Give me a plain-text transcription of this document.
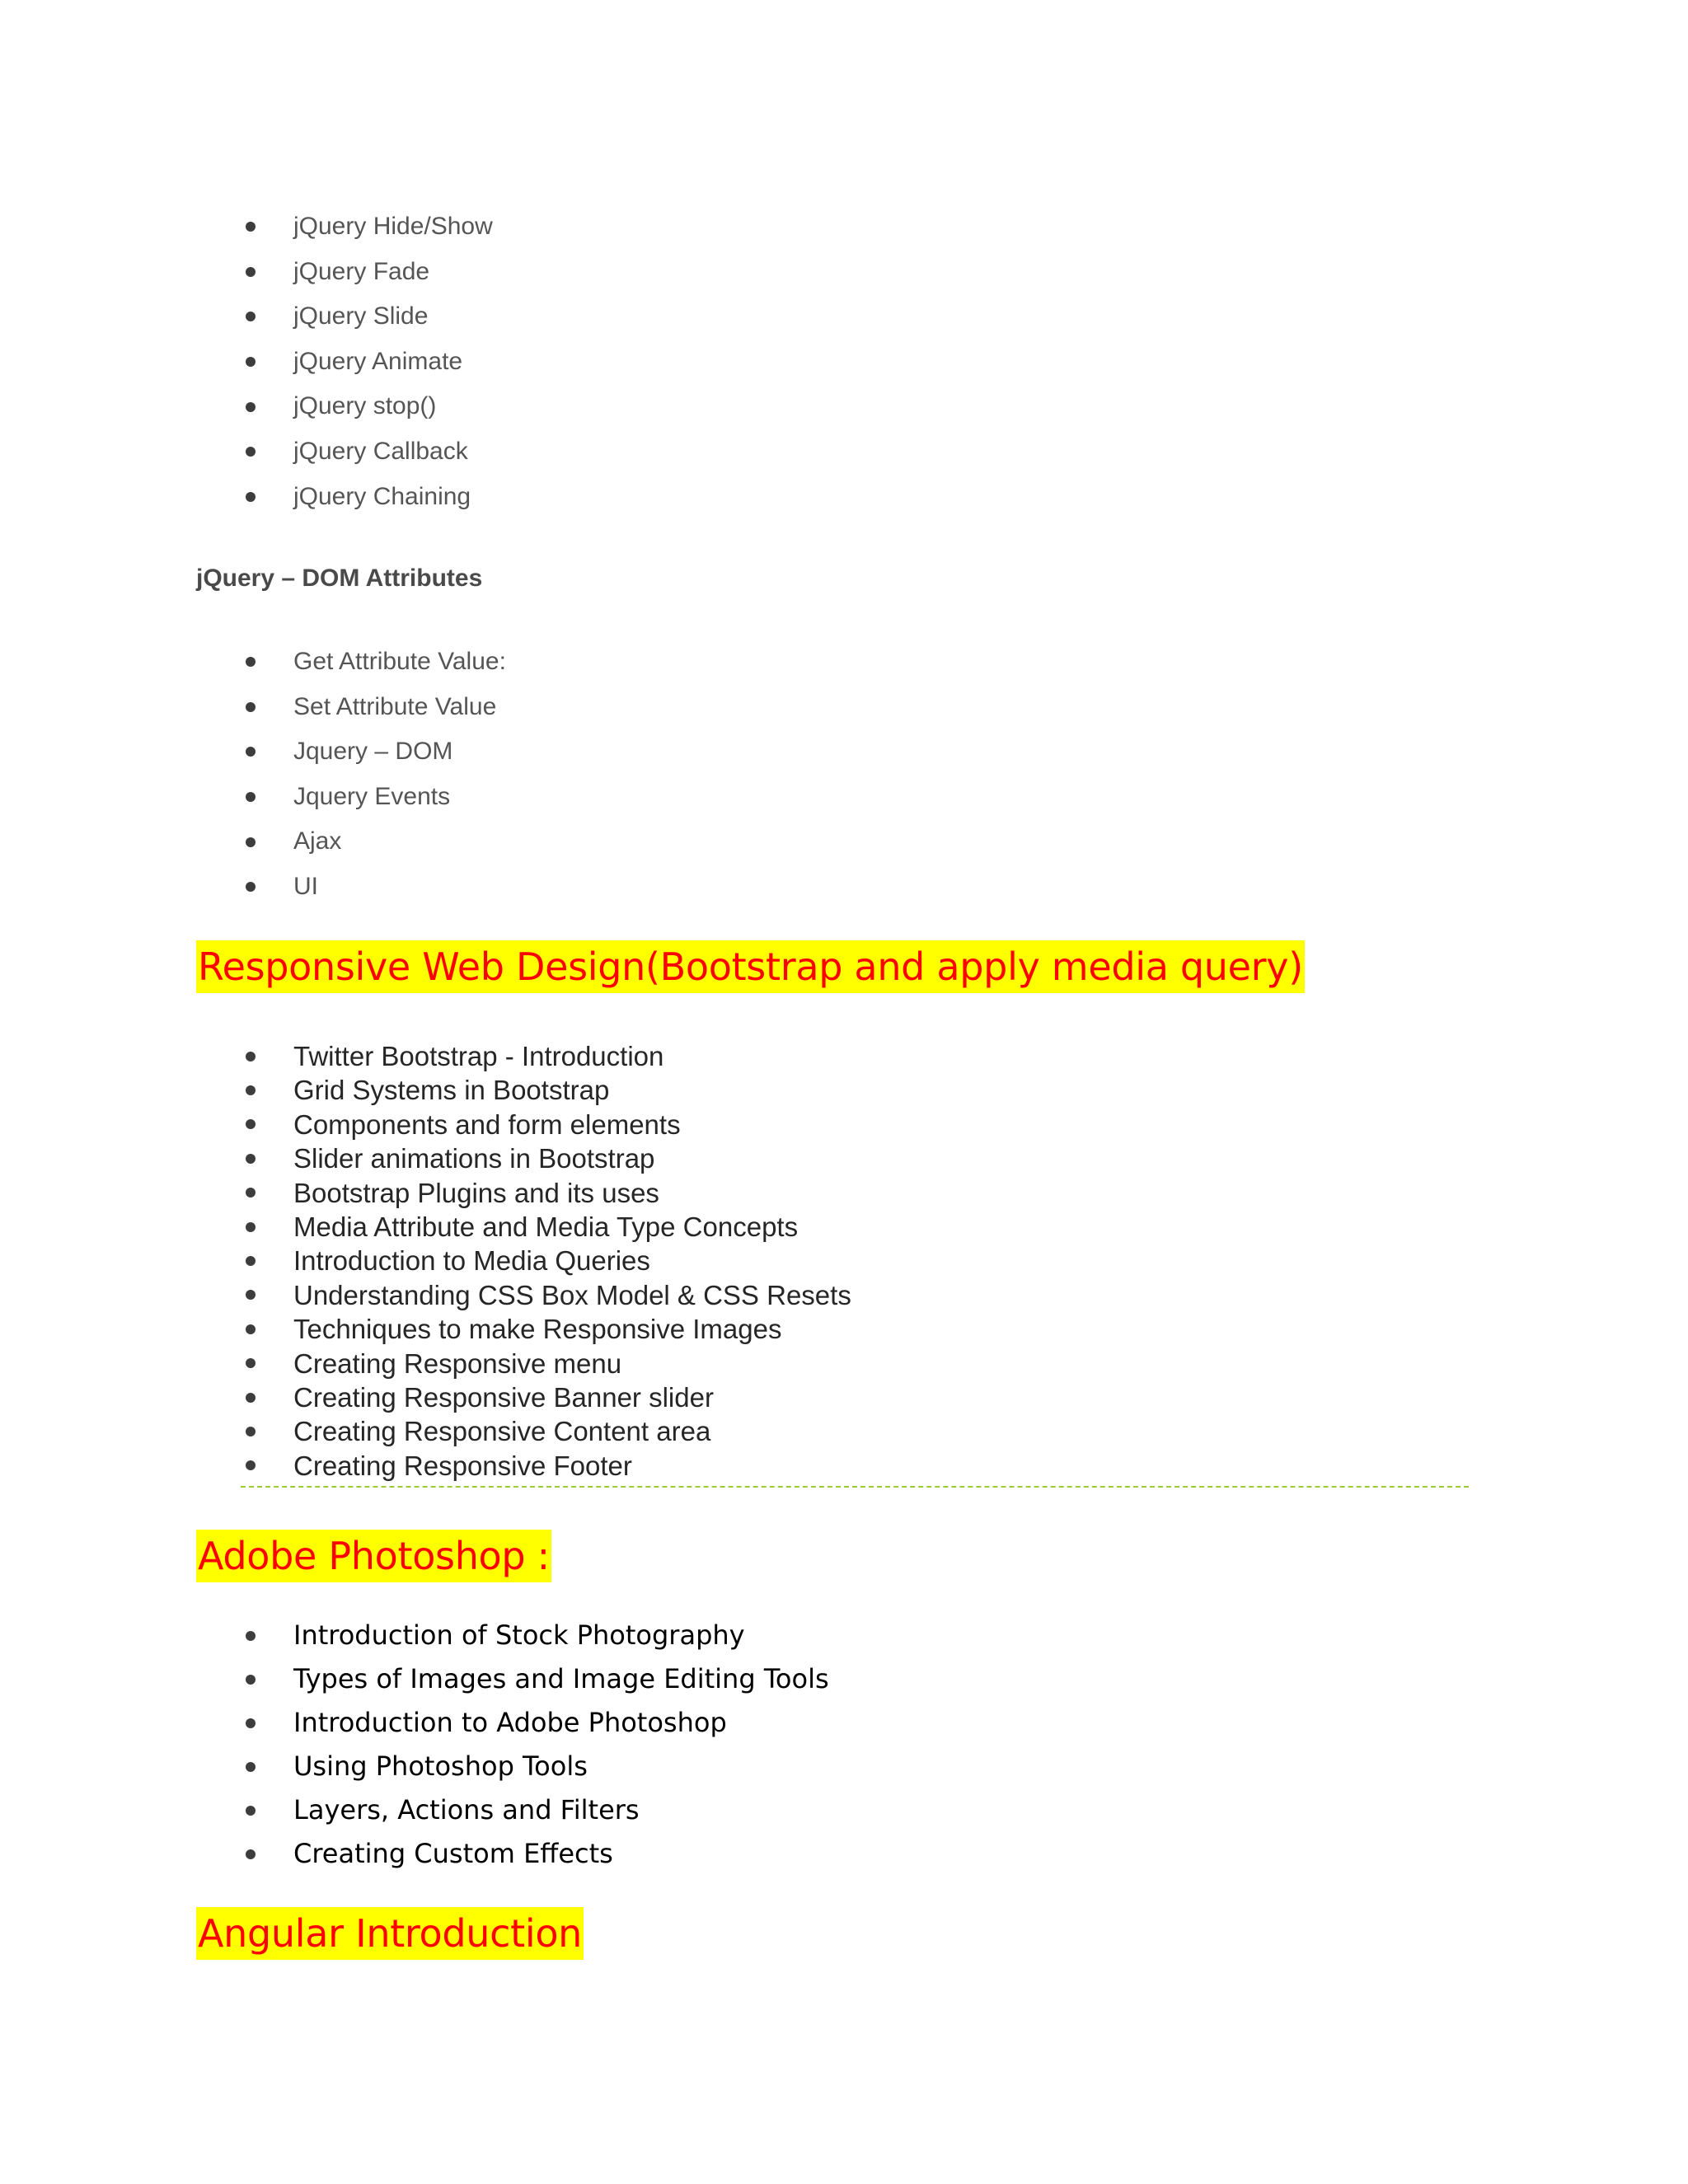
jQuery Hide/Show
jQuery Fade
jQuery Slide
jQuery Animate
jQuery stop()
jQuery Callback
jQuery Chaining
jQuery – DOM Attributes
Get Attribute Value:
Set Attribute Value
Jquery – DOM
Jquery Events
Ajax
UI
Responsive Web Design(Bootstrap and apply media query)
Twitter Bootstrap - Introduction
Grid Systems in Bootstrap
Components and form elements
Slider animations in Bootstrap
Bootstrap Plugins and its uses
Media Attribute and Media Type Concepts
Introduction to Media Queries
Understanding CSS Box Model & CSS Resets
Techniques to make Responsive Images
Creating Responsive menu
Creating Responsive Banner slider
Creating Responsive Content area
Creating Responsive Footer
Adobe Photoshop :
Introduction of Stock Photography
Types of Images and Image Editing Tools
Introduction to Adobe Photoshop
Using Photoshop Tools
Layers, Actions and Filters
Creating Custom Effects
Angular Introduction
